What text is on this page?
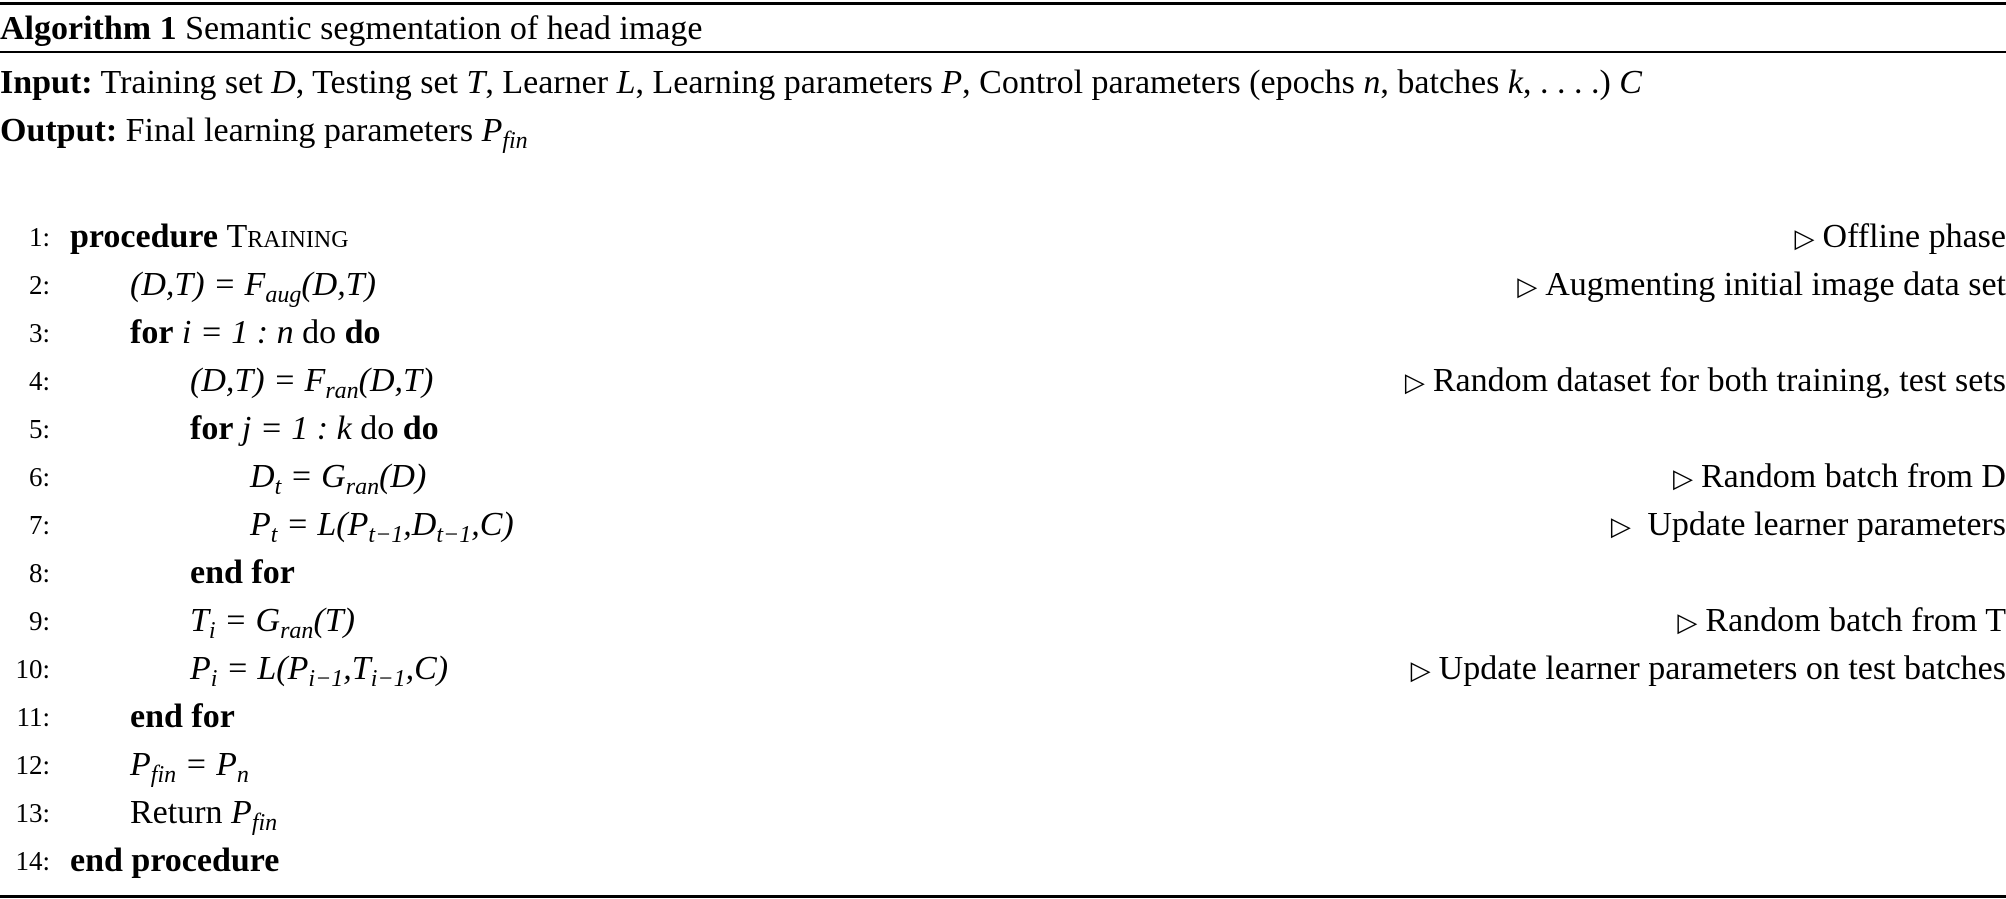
Algorithm 1 Semantic segmentation of head image
Input: Training set D, Testing set T, Learner L, Learning parameters P, Control parameters (epochs n, batches k, . . . .) C
Output: Final learning parameters $P_{fin}$
1: procedure Training	▷ Offline phase
2: $(D,T) = F_{aug}(D,T)$	▷ Augmenting initial image data set
3: for i = 1 : n do do
4:	$(D,T) = F_{ran}(D,T)$	▷ Random dataset for both training, test sets
5:	for j = 1 : k do do
6:	$D_t = G_{ran}(D)$	▷ Random batch from D
7:	$P_t = L(P_{t-1},D_{t-1},C)$	▷ Update learner parameters
8:	end for
9:	$T_i = G_{ran}(T)$	▷ Random batch from T
10:	$P_i = L(P_{i-1},T_{i-1},C)$	▷ Update learner parameters on test batches
11: end for
12: $P_{fin} = P_n$
13: Return $P_{fin}$
14: end procedure
